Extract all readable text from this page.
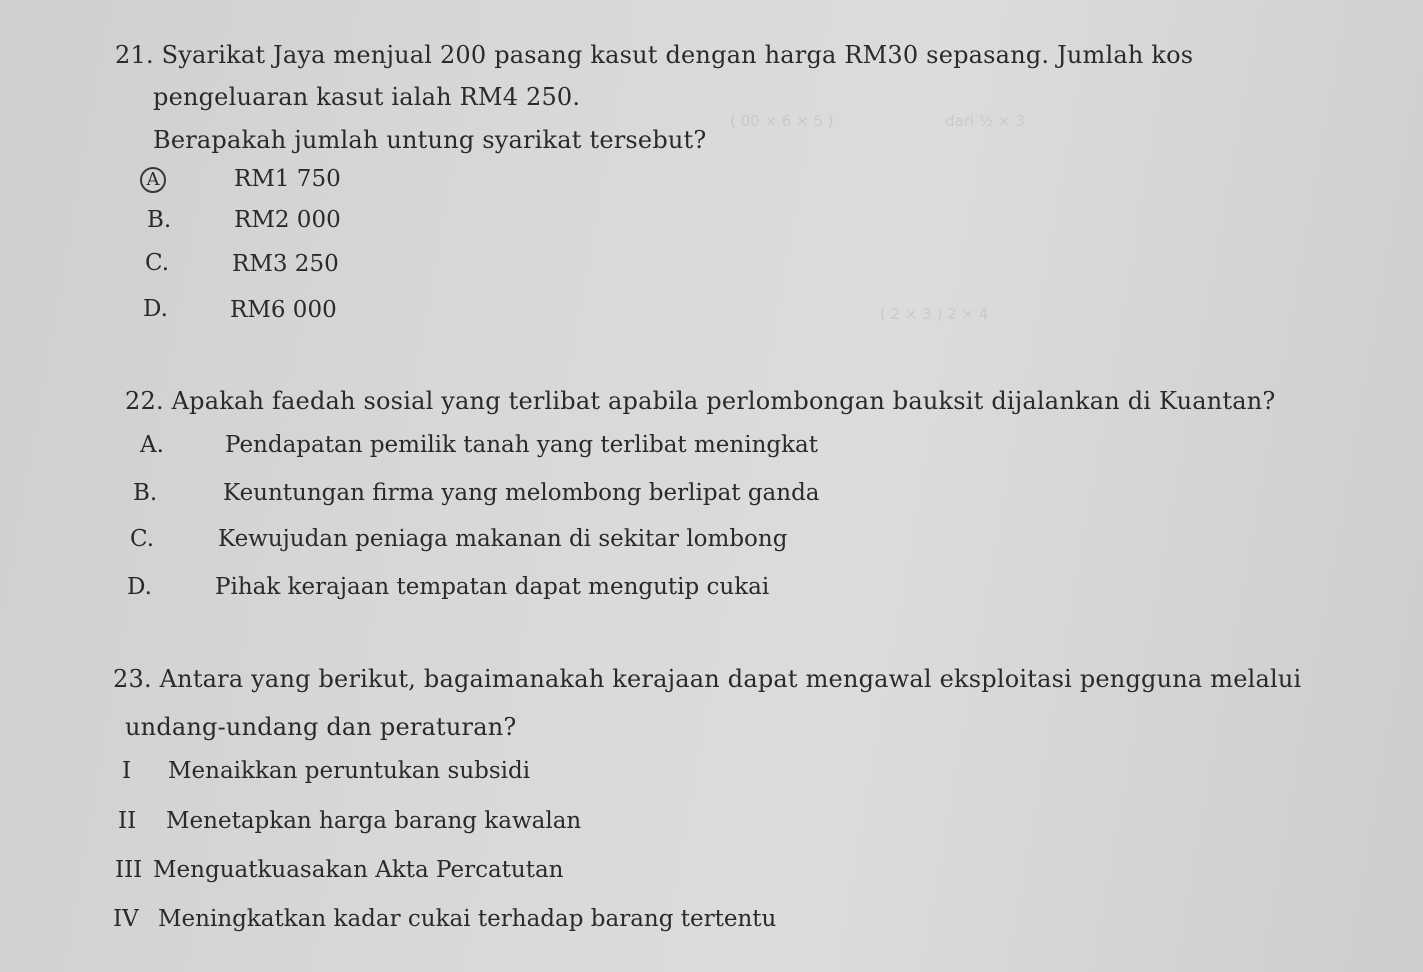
( 00 × 6 × 5 )	dari ½ × 3
( 2 × 3 ) 2 × 4
21. Syarikat Jaya menjual 200 pasang kasut dengan harga RM30 sepasang. Jumlah kos
pengeluaran kasut ialah RM4 250.
Berapakah jumlah untung syarikat tersebut?
A	RM1 750
B.	RM2 000
C.	RM3 250
D.	RM6 000
22. Apakah faedah sosial yang terlibat apabila perlombongan bauksit dijalankan di Kuantan?
A.	Pendapatan pemilik tanah yang terlibat meningkat
B.	Keuntungan firma yang melombong berlipat ganda
C.	Kewujudan peniaga makanan di sekitar lombong
D.	Pihak kerajaan tempatan dapat mengutip cukai
23. Antara yang berikut, bagaimanakah kerajaan dapat mengawal eksploitasi pengguna melalui
undang-undang dan peraturan?
I Menaikkan peruntukan subsidi
II Menetapkan harga barang kawalan
III Menguatkuasakan Akta Percatutan
IV Meningkatkan kadar cukai terhadap barang tertentu
